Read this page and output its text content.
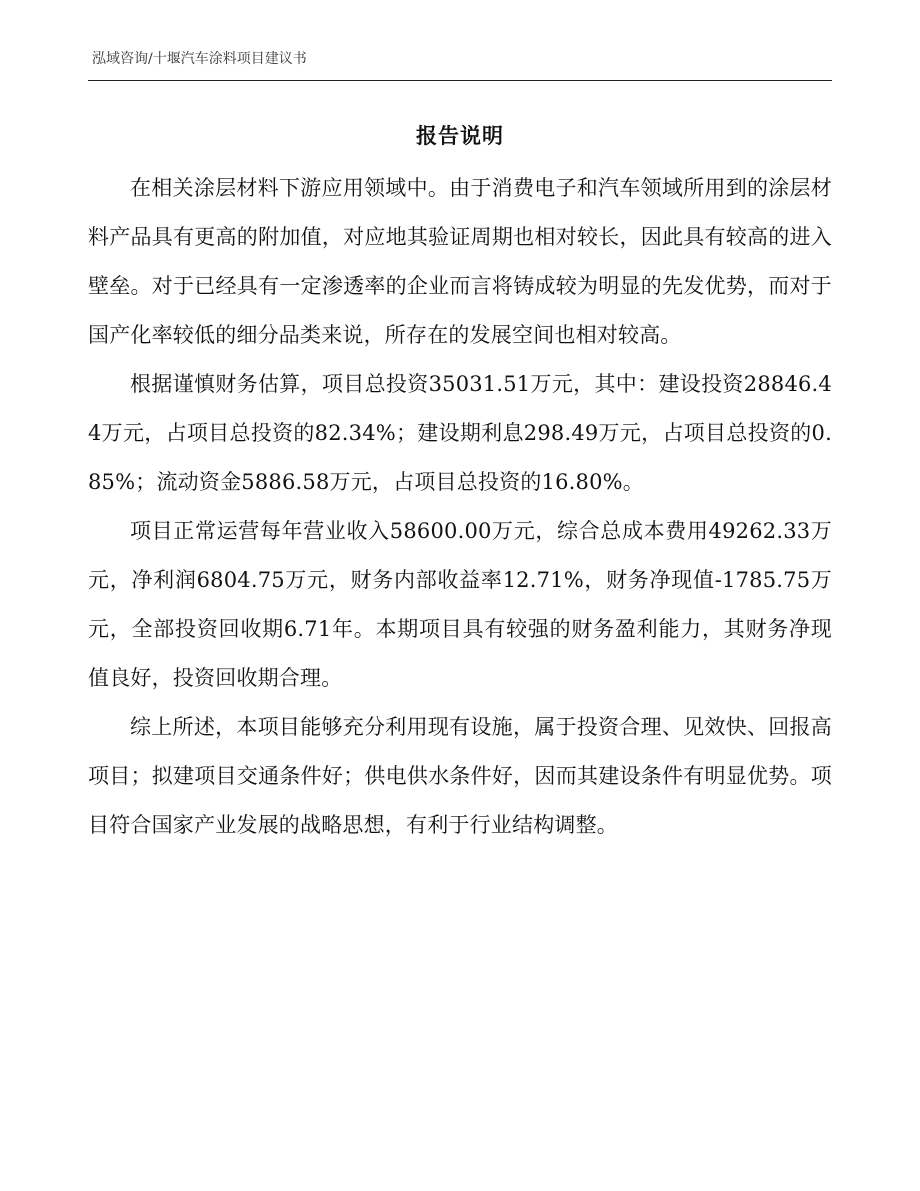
泓域咨询/十堰汽车涂料项目建议书
报告说明

在相关涂层材料下游应用领域中。由于消费电子和汽车领域所用到的涂层材料产品具有更高的附加值，对应地其验证周期也相对较长，因此具有较高的进入壁垒。对于已经具有一定渗透率的企业而言将铸成较为明显的先发优势，而对于国产化率较低的细分品类来说，所存在的发展空间也相对较高。

根据谨慎财务估算，项目总投资35031.51万元，其中：建设投资28846.44万元，占项目总投资的82.34%；建设期利息298.49万元，占项目总投资的0.85%；流动资金5886.58万元，占项目总投资的16.80%。

项目正常运营每年营业收入58600.00万元，综合总成本费用49262.33万元，净利润6804.75万元，财务内部收益率12.71%，财务净现值-1785.75万元，全部投资回收期6.71年。本期项目具有较强的财务盈利能力，其财务净现值良好，投资回收期合理。

综上所述，本项目能够充分利用现有设施，属于投资合理、见效快、回报高项目；拟建项目交通条件好；供电供水条件好，因而其建设条件有明显优势。项目符合国家产业发展的战略思想，有利于行业结构调整。
